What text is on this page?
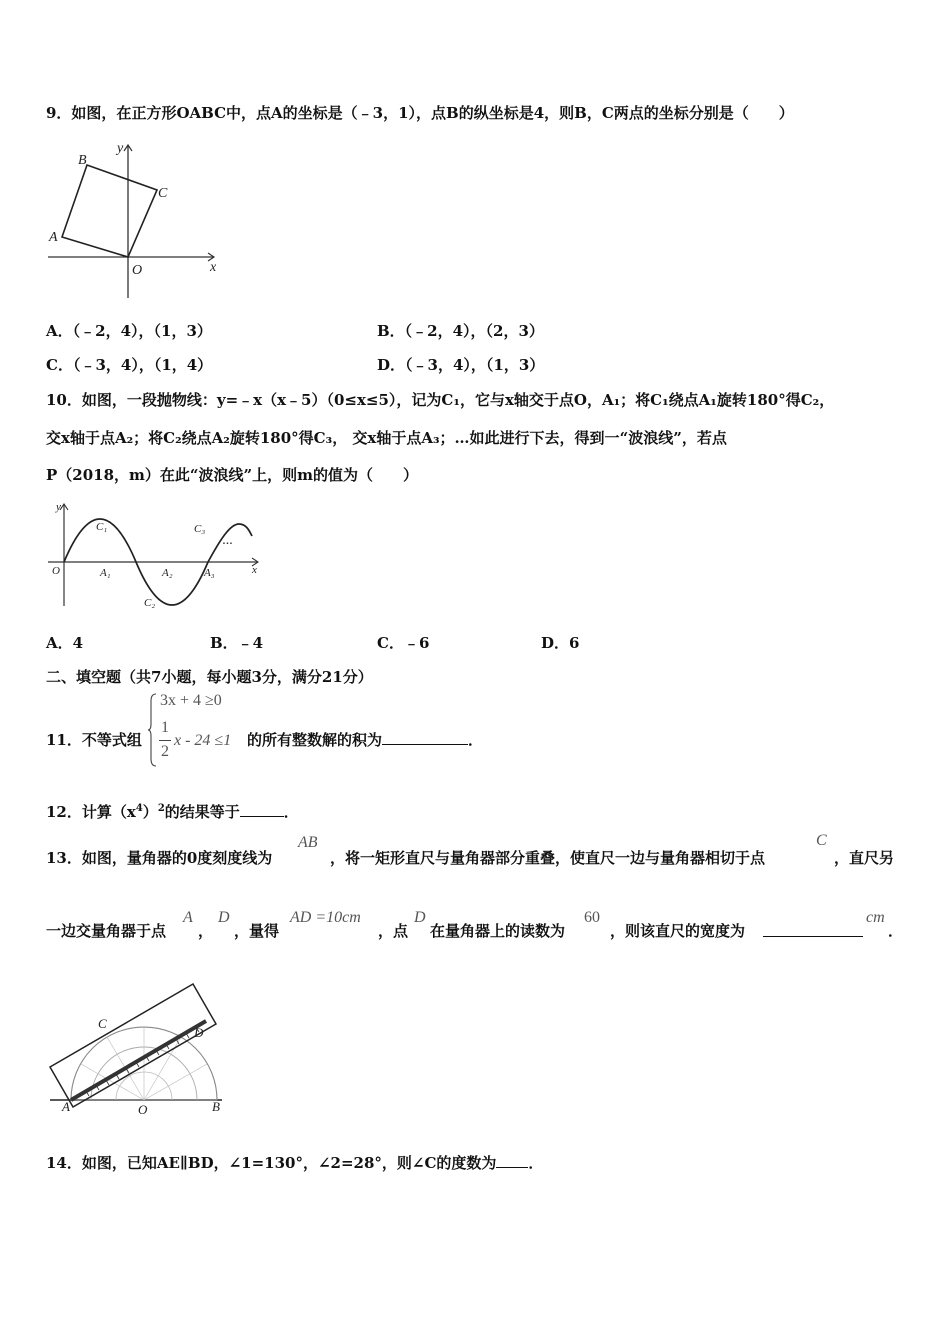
9．如图，在正方形OABC中，点A的坐标是（﹣3，1），点B的纵坐标是4，则B，C两点的坐标分别是（　　）
B
C
A
O	x
y
A．（﹣2，4），（1，3）	B．（﹣2，4），（2，3）
C．（﹣3，4），（1，4）	D．（﹣3，4），（1，3）
10．如图，一段抛物线：y=﹣x（x﹣5）（0≤x≤5），记为C₁，它与x轴交于点O，A₁；将C₁绕点A₁旋转180°得C₂，
交x轴于点A₂；将C₂绕点A₂旋转180°得C₃， 交x轴于点A₃；…如此进行下去，得到一“波浪线”，若点
P（2018，m）在此“波浪线”上，则m的值为（　　）
y
x
O
C₁
C₂
C₃
A₁	A₂	A₃
···
A．4	B．﹣4	C．﹣6	D．6
二、填空题（共7小题，每小题3分，满分21分）
11．不等式组
3x + 4 ≥0
1
2
x - 24 ≤1 的所有整数解的积为	．
12．计算$(x^4)^2$的结果等于	．
13．如图，量角器的0度刻度线为
AB
，将一矩形直尺与量角器部分重叠，使直尺一边与量角器相切于点
C
，直尺另
一边交量角器于点
A
，
D
，量得
AD =10cm
，点
D
在量角器上的读数为
60
，则该直尺的宽度为
cm
．
A	O	B
C
D
14．如图，已知AE∥BD，∠1=130°，∠2=28°，则∠C的度数为 ．
